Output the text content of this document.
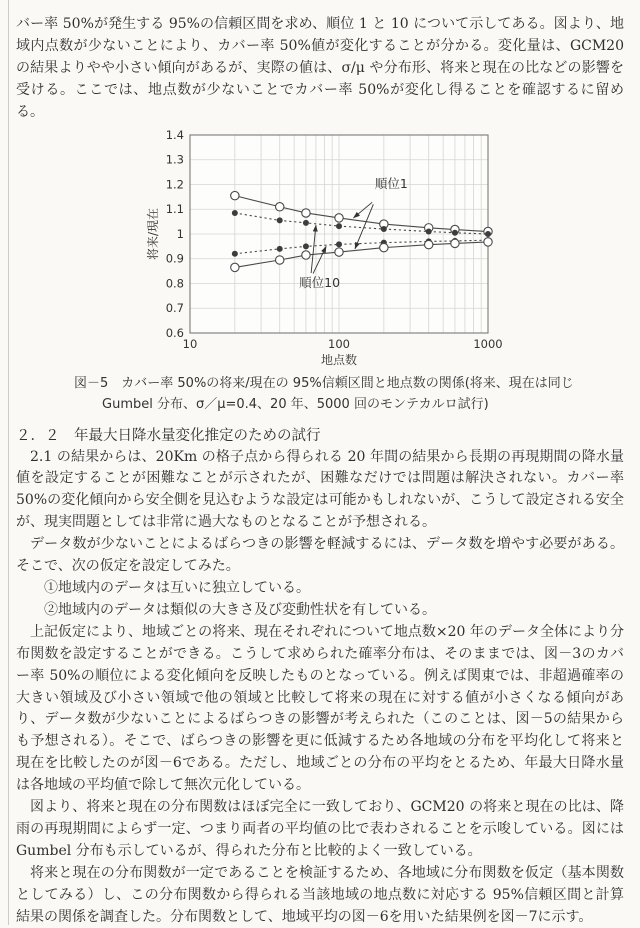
バー率 50%が発生する 95%の信頼区間を求め、順位 1 と 10 について示してある。図より、地域内点数が少ないことにより、カバー率 50%値が変化することが分かる。変化量は、GCM20 の結果よりやや小さい傾向があるが、実際の値は、σ/μ や分布形、将来と現在の比などの影響を受ける。ここでは、地点数が少ないことでカバー率 50%が変化し得ることを確認するに留める。

順位1
順位10
10	100	1000
1.4
1.3
1.2
1.1
1
0.9
0.8
0.7
0.6
地点数
将来/現在
図－5　カバー率 50%の将来/現在の 95%信頼区間と地点数の関係(将来、現在は同じ
Gumbel 分布、σ／μ=0.4、20 年、5000 回のモンテカルロ試行)

２．２　年最大日降水量変化推定のための試行

2.1 の結果からは、20Km の格子点から得られる 20 年間の結果から長期の再現期間の降水量値を設定することが困難なことが示されたが、困難なだけでは問題は解決されない。カバー率 50%の変化傾向から安全側を見込むような設定は可能かもしれないが、こうして設定される安全が、現実問題としては非常に過大なものとなることが予想される。

データ数が少ないことによるばらつきの影響を軽減するには、データ数を増やす必要がある。そこで、次の仮定を設定してみた。

①地域内のデータは互いに独立している。

②地域内のデータは類似の大きさ及び変動性状を有している。

上記仮定により、地域ごとの将来、現在それぞれについて地点数×20 年のデータ全体により分布関数を設定することができる。こうして求められた確率分布は、そのままでは、図－3のカバー率 50%の順位による変化傾向を反映したものとなっている。例えば関東では、非超過確率の大きい領域及び小さい領域で他の領域と比較して将来の現在に対する値が小さくなる傾向があり、データ数が少ないことによるばらつきの影響が考えられた（このことは、図－5の結果からも予想される）。そこで、ばらつきの影響を更に低減するため各地域の分布を平均化して将来と現在を比較したのが図－6である。ただし、地域ごとの分布の平均をとるため、年最大日降水量は各地域の平均値で除して無次元化している。

図より、将来と現在の分布関数はほぼ完全に一致しており、GCM20 の将来と現在の比は、降雨の再現期間によらず一定、つまり両者の平均値の比で表わされることを示唆している。図には Gumbel 分布も示しているが、得られた分布と比較的よく一致している。

将来と現在の分布関数が一定であることを検証するため、各地域に分布関数を仮定（基本関数としてみる）し、この分布関数から得られる当該地域の地点数に対応する 95%信頼区間と計算結果の関係を調査した。分布関数として、地域平均の図－6を用いた結果例を図－7に示す。
